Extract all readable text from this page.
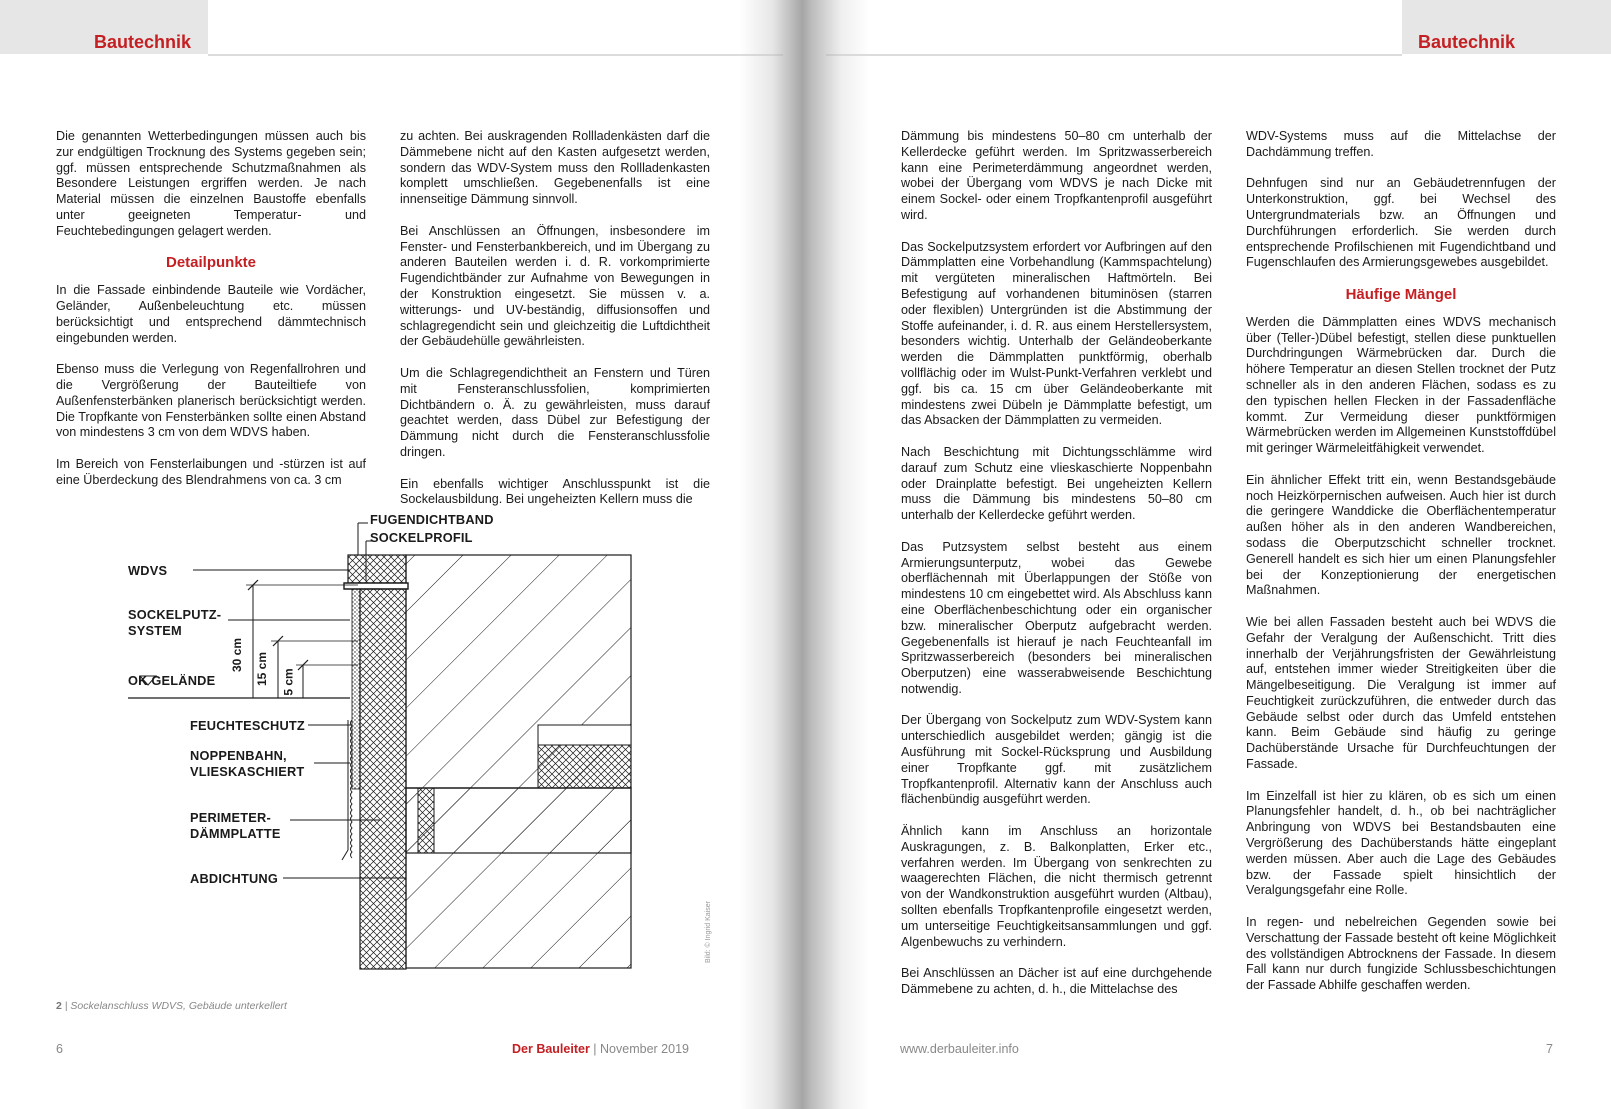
Bautechnik	Bautechnik

Die genannten Wetterbedingungen müssen auch bis zur endgültigen Trocknung des Systems gegeben sein; ggf. müssen entsprechende Schutzmaßnahmen als Besondere Leistungen ergriffen werden. Je nach Material müssen die einzelnen Baustoffe ebenfalls unter geeigneten Temperatur- und Feuchtebedingungen gelagert werden.

Detailpunkte

In die Fassade einbindende Bauteile wie Vordächer, Geländer, Außenbeleuchtung etc. müssen berücksichtigt und entsprechend dämmtechnisch eingebunden werden.

Ebenso muss die Verlegung von Regenfallrohren und die Vergrößerung der Bauteiltiefe von Außenfensterbänken planerisch berücksichtigt werden. Die Tropfkante von Fensterbänken sollte einen Abstand von mindestens 3 cm von dem WDVS haben.

Im Bereich von Fensterlaibungen und -stürzen ist auf eine Überdeckung des Blendrahmens von ca. 3 cm

zu achten. Bei auskragenden Rollladenkästen darf die Dämmebene nicht auf den Kasten aufgesetzt werden, sondern das WDV-System muss den Rollladenkasten komplett umschließen. Gegebenenfalls ist eine innenseitige Dämmung sinnvoll.

Bei Anschlüssen an Öffnungen, insbesondere im Fenster- und Fensterbankbereich, und im Übergang zu anderen Bauteilen werden i. d. R. vorkomprimierte Fugendichtbänder zur Aufnahme von Bewegungen in der Konstruktion eingesetzt. Sie müssen v. a. witterungs- und UV-beständig, diffusionsoffen und schlagregendicht sein und gleichzeitig die Luftdichtheit der Gebäudehülle gewährleisten.

Um die Schlagregendichtheit an Fenstern und Türen mit Fensteranschlussfolien, komprimierten Dichtbändern o. Ä. zu gewährleisten, muss darauf geachtet werden, dass Dübel zur Befestigung der Dämmung nicht durch die Fensteranschlussfolie dringen.

Ein ebenfalls wichtiger Anschlusspunkt ist die Sockelausbildung. Bei ungeheizten Kellern muss die

FUGENDICHTBAND
SOCKELPROFIL
WDVS
SOCKELPUTZ-
SYSTEM
OK GELÄNDE
FEUCHTESCHUTZ
NOPPENBAHN,
VLIESKASCHIERT
PERIMETER-
DÄMMPLATTE
ABDICHTUNG
30 cm 15 cm 5 cm
Bild: © Ingrid Kaiser
2 | Sockelanschluss WDVS, Gebäude unterkellert
6	Der Bauleiter | November 2019

Dämmung bis mindestens 50–80 cm unterhalb der Kellerdecke geführt werden. Im Spritzwasserbereich kann eine Perimeterdämmung angeordnet werden, wobei der Übergang vom WDVS je nach Dicke mit einem Sockel- oder einem Tropfkantenprofil ausgeführt wird.

Das Sockelputzsystem erfordert vor Aufbringen auf den Dämmplatten eine Vorbehandlung (Kammspachtelung) mit vergüteten mineralischen Haftmörteln. Bei Befestigung auf vorhandenen bituminösen (starren oder flexiblen) Untergründen ist die Abstimmung der Stoffe aufeinander, i. d. R. aus einem Herstellersystem, besonders wichtig. Unterhalb der Geländeoberkante werden die Dämmplatten punktförmig, oberhalb vollflächig oder im Wulst-Punkt-Verfahren verklebt und ggf. bis ca. 15 cm über Geländeoberkante mit mindestens zwei Dübeln je Dämmplatte befestigt, um das Absacken der Dämmplatten zu vermeiden.

Nach Beschichtung mit Dichtungsschlämme wird darauf zum Schutz eine vlieskaschierte Noppenbahn oder Drainplatte befestigt. Bei ungeheizten Kellern muss die Dämmung bis mindestens 50–80 cm unterhalb der Kellerdecke geführt werden.

Das Putzsystem selbst besteht aus einem Armierungsunterputz, wobei das Gewebe oberflächennah mit Überlappungen der Stöße von mindestens 10 cm eingebettet wird. Als Abschluss kann eine Oberflächenbeschichtung oder ein organischer bzw. mineralischer Oberputz aufgebracht werden. Gegebenenfalls ist hierauf je nach Feuchteanfall im Spritzwasserbereich (besonders bei mineralischen Oberputzen) eine wasserabweisende Beschichtung notwendig.

Der Übergang von Sockelputz zum WDV-System kann unterschiedlich ausgebildet werden; gängig ist die Ausführung mit Sockel-Rücksprung und Ausbildung einer Tropfkante ggf. mit zusätzlichem Tropfkantenprofil. Alternativ kann der Anschluss auch flächenbündig ausgeführt werden.

Ähnlich kann im Anschluss an horizontale Auskragungen, z. B. Balkonplatten, Erker etc., verfahren werden. Im Übergang von senkrechten zu waagerechten Flächen, die nicht thermisch getrennt von der Wandkonstruktion ausgeführt wurden (Altbau), sollten ebenfalls Tropfkantenprofile eingesetzt werden, um unterseitige Feuchtigkeitsansammlungen und ggf. Algenbewuchs zu verhindern.

Bei Anschlüssen an Dächer ist auf eine durchgehende Dämmebene zu achten, d. h., die Mittelachse des

WDV-Systems muss auf die Mittelachse der Dachdämmung treffen.

Dehnfugen sind nur an Gebäudetrennfugen der Unterkonstruktion, ggf. bei Wechsel des Untergrundmaterials bzw. an Öffnungen und Durchführungen erforderlich. Sie werden durch entsprechende Profilschienen mit Fugendichtband und Fugenschlaufen des Armierungsgewebes ausgebildet.

Häufige Mängel

Werden die Dämmplatten eines WDVS mechanisch über (Teller-)Dübel befestigt, stellen diese punktuellen Durchdringungen Wärmebrücken dar. Durch die höhere Temperatur an diesen Stellen trocknet der Putz schneller als in den anderen Flächen, sodass es zu den typischen hellen Flecken in der Fassadenfläche kommt. Zur Vermeidung dieser punktförmigen Wärmebrücken werden im Allgemeinen Kunststoffdübel mit geringer Wärmeleitfähigkeit verwendet.

Ein ähnlicher Effekt tritt ein, wenn Bestandsgebäude noch Heizkörpernischen aufweisen. Auch hier ist durch die geringere Wanddicke die Oberflächentemperatur außen höher als in den anderen Wandbereichen, sodass die Oberputzschicht schneller trocknet. Generell handelt es sich hier um einen Planungsfehler bei der Konzeptionierung der energetischen Maßnahmen.

Wie bei allen Fassaden besteht auch bei WDVS die Gefahr der Veralgung der Außenschicht. Tritt dies innerhalb der Verjährungsfristen der Gewährleistung auf, entstehen immer wieder Streitigkeiten über die Mängelbeseitigung. Die Veralgung ist immer auf Feuchtigkeit zurückzuführen, die entweder durch das Gebäude selbst oder durch das Umfeld entstehen kann. Beim Gebäude sind häufig zu geringe Dachüberstände Ursache für Durchfeuchtungen der Fassade.

Im Einzelfall ist hier zu klären, ob es sich um einen Planungsfehler handelt, d. h., ob bei nachträglicher Anbringung von WDVS bei Bestandsbauten eine Vergrößerung des Dachüberstands hätte eingeplant werden müssen. Aber auch die Lage des Gebäudes bzw. der Fassade spielt hinsichtlich der Veralgungsgefahr eine Rolle.

In regen- und nebelreichen Gegenden sowie bei Verschattung der Fassade besteht oft keine Möglichkeit des vollständigen Abtrocknens der Fassade. In diesem Fall kann nur durch fungizide Schlussbeschichtungen der Fassade Abhilfe geschaffen werden.

www.derbauleiter.info	7
